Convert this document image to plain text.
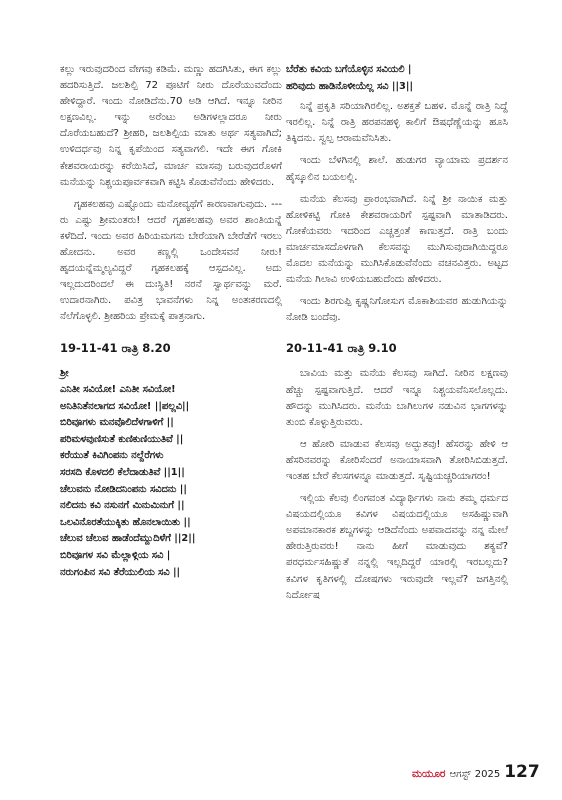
ಕಲ್ಲು ಇರುವುದರಿಂದ ವೇಗವು ಕಡಿಮೆ. ಮಣ್ಣು ಹದಗಿಸಿತು, ಈಗ ಕಲ್ಲು ಹದರಿಸುತ್ತಿದೆ. ಜಲಶಿಲ್ಪಿ 72 ಪೂಟಿಗೆ ನೀರು ದೊರೆಯುವದೆಂದು ಹೇಳಿದ್ದಾರೆ. ಇಂದು ನೋಡಿದೆನು.70 ಅಡಿ ಆಗಿದೆ. ಇನ್ನೂ ನೀರಿನ ಲಕ್ಷಣವಿಲ್ಲ. ಇನ್ನು ಅರೆಂಟು ಅಡಿಗಳಲ್ಲಾದರೂ ನೀರು ದೊರೆಯಬಹುದೆ? ಶ್ರೀಹರಿ, ಜಲಶಿಲ್ಪಿಯ ಮಾತು ಅರ್ಥ ಸತ್ಯವಾಗಿದೆ; ಉಳಿದರ್ಧವು ನಿನ್ನ ಕೃಪೆಯಿಂದ ಸತ್ಯವಾಗಲಿ. ಇದೇ ಈಗ ಗೋಕಿ ಕೇಶವರಾಯರನ್ನು ಕರೆಯಿಸಿದೆ, ಮಾರ್ಚ ಮಾಸವು ಬರುವುದರೊಳಗೆ ಮನೆಯನ್ನು ನಿಶ್ಚಯಪೂರ್ವಕವಾಗಿ ಕಟ್ಟಿಸಿ ಕೊಡುವೆನೆಂದು ಹೇಳಿದರು.

ಗೃಹಕಲಹವು ಎಷ್ಟೊಂದು ಮನೋವ್ಯಥೆಗೆ ಕಾರಣವಾಗುವುದು. ---ರು ಎಷ್ಟು ಶ್ರೀಮಂತರು! ಆದರೆ ಗೃಹಕಲಹವು ಅವರ ಶಾಂತಿಯನ್ನೆ ಕಳೆದಿದೆ. ಇಂದು ಅವರ ಹಿರಿಯಮಗನು ಬೇರೆಯಾಗಿ ಬೇರೆಡೆಗೆ ಇರಲು ಹೋದನು. ಅವರ ಕಣ್ಣಲ್ಲಿ ಒಂದೇಸವನೆ ನೀರು! ಹೃದಯನ್ನೆಮ್ಮಲ್ಯವಿದ್ದರೆ ಗೃಹಕಲಹಕ್ಕೆ ಆಸ್ಪದವಿಲ್ಲ. ಅದು ಇಲ್ಲದುದರಿಂದಲೆ ಈ ದುಃಸ್ಥಿತಿ! ನರನೆ ಸ್ವಾರ್ಥವನ್ನು ಮರೆ. ಉದಾರನಾಗಿರು. ಪವಿತ್ರ ಭಾವನೆಗಳು ನಿನ್ನ ಅಂತಃಕರಣದಲ್ಲಿ ನೆಲೆಗೊಳ್ಳಲಿ. ಶ್ರೀಹರಿಯ ಪ್ರೇಮಕ್ಕೆ ಪಾತ್ರನಾಗು.

19-11-41 ರಾತ್ರಿ 8.20
ಶ್ರೀ
ಎನಿತೀ ಸವಿಯೋ! ಎನಿತೀ ಸವಿಯೋ!
ಅನಿತಿನಿತೆನಲಾಗದ ಸವಿಯೋ! ||ಪಲ್ಲವಿ||
ಬಿರಿವೂಗಳು ಮನವೊಲಿದೆಳಗಾಳಿಗೆ ||
ಪರಿಮಳವುಣಿಸುತೆ ಕುಣಿಕುಣಿಯುತಿವೆ ||
ಕರೆಯುತೆ ಕಿವಿಗಿಂಪನು ನಲ್ದೆರೆಗಳು
ಸರಸದಿ ಕೊಳದಲಿ ಕೆಲೆದಾಡುತಿವೆ ||1||
ಚೆಲುವನು ನೋಡಿದನಿಂಪನು ಸವಿದನು ||
ನಲಿದನು ಕವಿ ನಸುನಗೆ ಮಿನುಮಿನುಗೆ ||
ಒಲವಿನೊರತೆಯುಕ್ಕಿತು ಹೊನಲಾಯಿತು ||
ಚೆಲುವ ಚೆಲುವ ಹಾಡೆಂದೆಮ್ದುದಿಳೆಗೆ ||2||
ಬಿರಿವೂಗಳ ಸವಿ ಮೆಲ್ಲಾಳ್ಗಿಯ ಸವಿ |
ನರುಗಂಪಿನ ಸವಿ ತೆರೆಯುಲಿಯ ಸವಿ ||
ಬೆರೆತು ಕವಿಯ ಬಗೆಯೊಳ್ಳಿನ ಸವಿಯಲಿ |
ಹರಿವುದು ಹಾಡಿನೊಳೀಯೆಲ್ಲ ಸವಿ ||3||

ನಿನ್ನೆ ಪ್ರಕೃತಿ ಸರಿಯಾಗಿರಲಿಲ್ಲ. ಅಶಕ್ತತೆ ಬಹಳ. ಮೊನ್ನೆ ರಾತ್ರಿ ನಿದ್ದೆ ಇರಲಿಲ್ಲ. ನಿನ್ನೆ ರಾತ್ರಿ ಹರಪನಹಳ್ಳಿ ಕಾಲಿಗೆ ಔಷಧೆಣ್ಣೆಯನ್ನು ಹೂಸಿ ತಿಕ್ಕಿದನು. ಸ್ವಲ್ಪ ಆರಾಮವೆನಿಸಿತು.

ಇಂದು ಬೆಳಗಿನಲ್ಲಿ ಶಾಲೆ. ಹುಡುಗರ ವ್ಯಾಯಾಮ ಪ್ರದರ್ಶನ ಹೈಸ್ಕೂಲಿನ ಬಯಲಲ್ಲಿ.

ಮನೆಯ ಕೆಲಸವು ಪ್ರಾರಂಭವಾಗಿದೆ. ನಿನ್ನೆ ಶ್ರೀ ನಾಯಿಕ ಮತ್ತು ಹೋಳಿಕಟ್ಟಿ ಗೋಕಿ ಕೇಶವರಾಯರಿಗೆ ಸ್ಪಷ್ಟವಾಗಿ ಮಾತಾಡಿದರು. ಗೋಕೆಯವರು ಇದರಿಂದ ಎಚ್ಚತ್ತಂತೆ ಕಾಣುತ್ತದೆ. ರಾತ್ರಿ ಬಂದು ಮಾರ್ಚಮಾಸದೊಳಗಾಗಿ ಕೆಲಸವನ್ನು ಮುಗಿಸುವುದಾಗಿಯಿದ್ದರೂ ಮೊದಲ ಮನೆಯನ್ನು ಮುಗಿಸಿಕೊಡುವೆನೆಂದು ವಚನವಿತ್ತರು. ಅಟ್ಟದ ಮನೆಯ ಗಿಲಾವಿ ಉಳಿಯಬಹುದೆಂದು ಹೇಳಿದರು.

ಇಂದು ಶಿರಗುಪ್ಪಿ ಕೃಷ್ಣನಿಗೋಸುಗ ಮೊಕಾಶಿಯವರ ಹುಡುಗಿಯನ್ನು ನೋಡಿ ಬಂದೆವು.

20-11-41 ರಾತ್ರಿ 9.10

ಬಾವಿಯ ಮತ್ತು ಮನೆಯ ಕೆಲಸವು ಸಾಗಿದೆ. ನೀರಿನ ಲಕ್ಷಣವು ಹೆಚ್ಚು ಸ್ಪಷ್ಟವಾಗುತ್ತಿದೆ. ಆದರೆ ಇನ್ನೂ ನಿಶ್ಚಯವೆನಿಸಲೊಲ್ಲದು. ಹೌದನ್ನು ಮುಗಿಸಿದರು. ಮನೆಯ ಬಾಗಿಲುಗಳ ನಡುವಿನ ಭಾಗಗಳನ್ನು ತುಂಬಿ ಕೊಳ್ಳುತ್ತಿರುವರು.

ಆ ಹೋರಿ ಮಾಡುವ ಕೆಲಸವು ಅದ್ಭುತವು! ಹೆಸರನ್ನು ಹೇಳಿ ಆ ಹೆಸರಿನವರನ್ನು ಕೋರಿಸೆಂದರೆ ಅನಾಯಾಸವಾಗಿ ತೋರಿಸಿಬಿಡುತ್ತದೆ. ಇಂತಹ ಬೇರೆ ಕೆಲಸಗಳನ್ನೂ ಮಾಡುತ್ತದೆ. ಸೃಷ್ಟಿಯಚ್ಚರಿಯಾಗರಂ!

ಇಲ್ಲಿಯ ಕೆಲವು ಲಿಂಗವಂತ ವಿದ್ಯಾರ್ಥಿಗಳು ನಾನು ತಮ್ಮ ಧರ್ಮದ ವಿಷಯದಲ್ಲಿಯೂ ಕವಿಗಳ ವಿಷಯದಲ್ಲಿಯೂ ಅಸಹಿಷ್ಣುವಾಗಿ ಅಪಮಾನಕಾರಕ ಶಬ್ದಗಳನ್ನು ಆಡಿದೆನೆಂದು ಅಪವಾದವನ್ನು ನನ್ನ ಮೇಲೆ ಹೇರುತ್ತಿರುವರು! ನಾನು ಹೀಗೆ ಮಾಡುವುದು ಶಕ್ಯವೆ? ಪರಧರ್ಮಸಹಿಷ್ಣುತೆ ನನ್ನಲ್ಲಿ ಇಲ್ಲದಿದ್ದರೆ ಯಾರಲ್ಲಿ ಇರಬಲ್ಲದು? ಕವಿಗಳ ಕೃತಿಗಳಲ್ಲಿ ದೋಷಗಳು ಇರುವುದೇ ಇಲ್ಲವೆ? ಜಗತ್ತಿನಲ್ಲಿ ನಿರ್ದೋಷ

ಮಯೂರ ಆಗಸ್ಟ್ 2025 127
